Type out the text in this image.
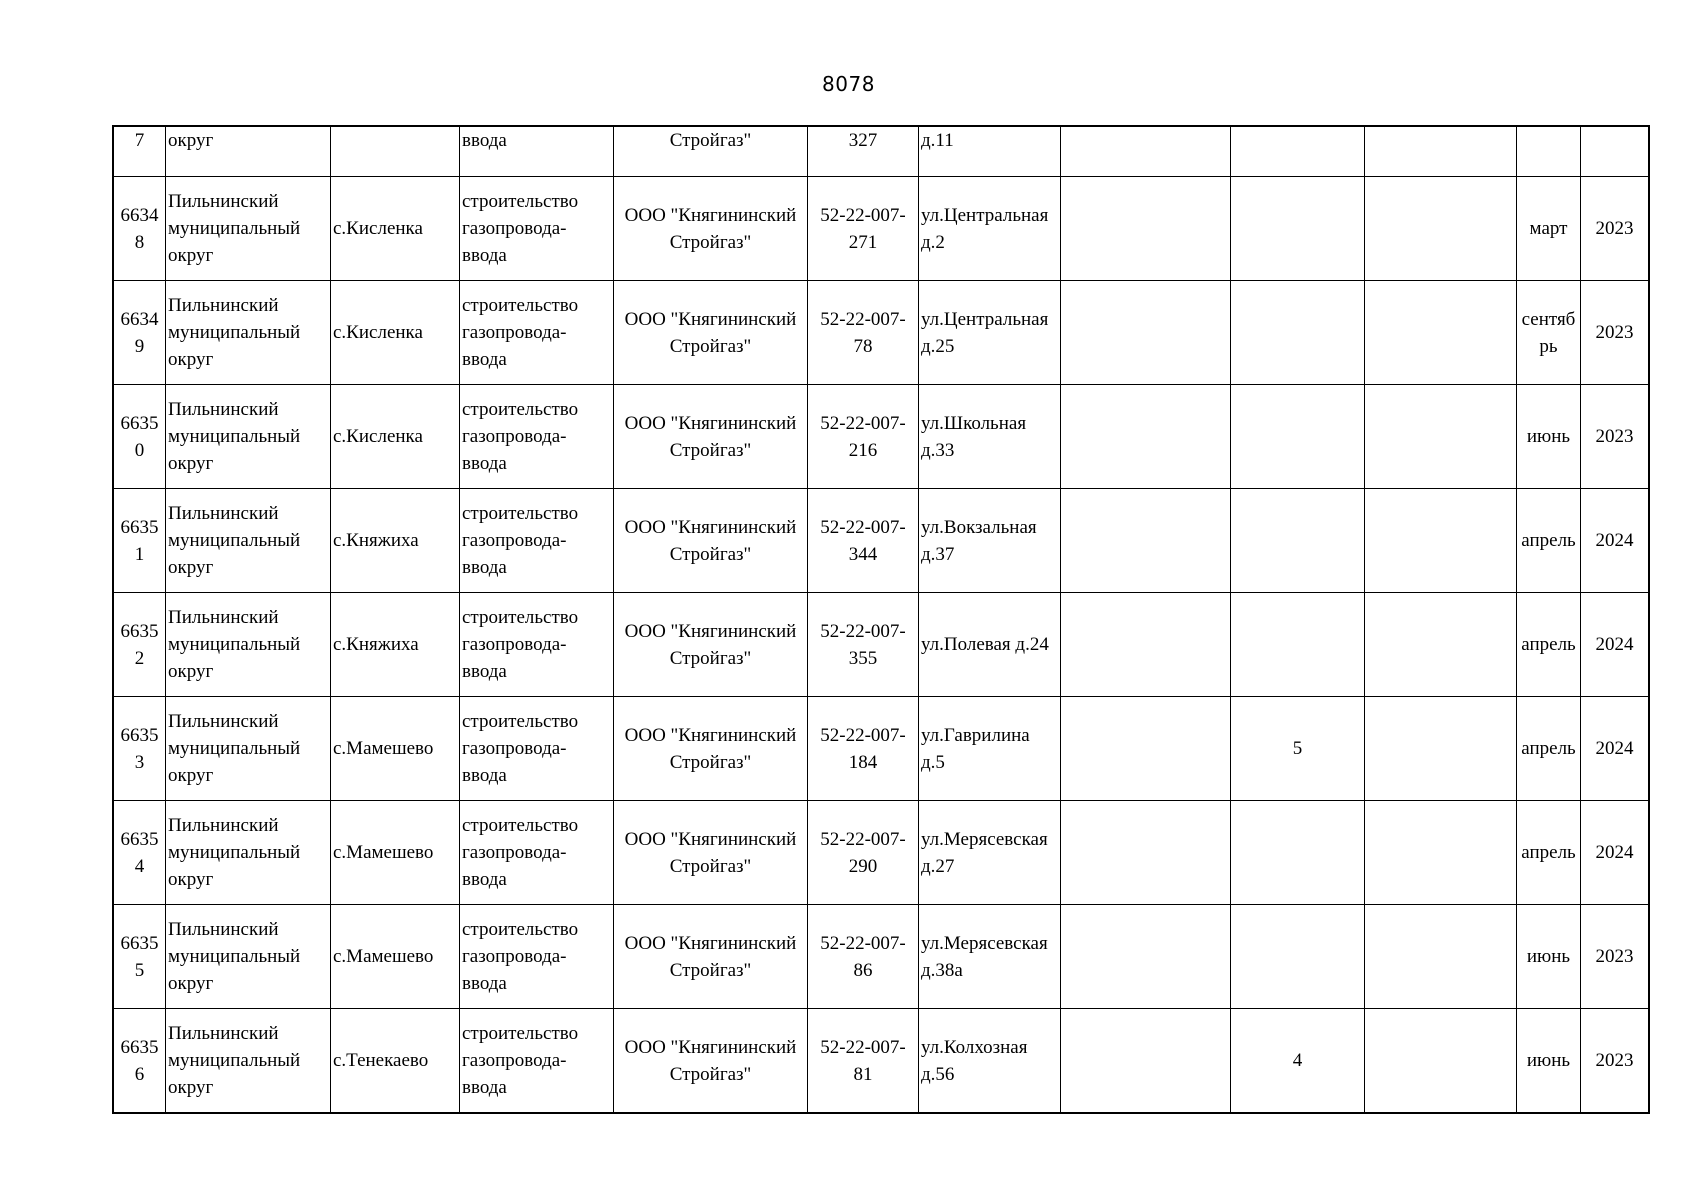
8078
7	округ		ввода	Стройгаз"	327	д.11					
6634
8	Пильнинский
муниципальный
округ	с.Кисленка	строительство
газопровода-
ввода	ООО "Княгининский
Стройгаз"	52-22-007-
271	ул.Центральная
д.2				март	2023
6634
9	Пильнинский
муниципальный
округ	с.Кисленка	строительство
газопровода-
ввода	ООО "Княгининский
Стройгаз"	52-22-007-
78	ул.Центральная
д.25				сентяб
рь	2023
6635
0	Пильнинский
муниципальный
округ	с.Кисленка	строительство
газопровода-
ввода	ООО "Княгининский
Стройгаз"	52-22-007-
216	ул.Школьная
д.33				июнь	2023
6635
1	Пильнинский
муниципальный
округ	с.Княжиха	строительство
газопровода-
ввода	ООО "Княгининский
Стройгаз"	52-22-007-
344	ул.Вокзальная
д.37				апрель	2024
6635
2	Пильнинский
муниципальный
округ	с.Княжиха	строительство
газопровода-
ввода	ООО "Княгининский
Стройгаз"	52-22-007-
355	ул.Полевая д.24				апрель	2024
6635
3	Пильнинский
муниципальный
округ	с.Мамешево	строительство
газопровода-
ввода	ООО "Княгининский
Стройгаз"	52-22-007-
184	ул.Гаврилина
д.5		5		апрель	2024
6635
4	Пильнинский
муниципальный
округ	с.Мамешево	строительство
газопровода-
ввода	ООО "Княгининский
Стройгаз"	52-22-007-
290	ул.Мерясевская
д.27				апрель	2024
6635
5	Пильнинский
муниципальный
округ	с.Мамешево	строительство
газопровода-
ввода	ООО "Княгининский
Стройгаз"	52-22-007-
86	ул.Мерясевская
д.38а				июнь	2023
6635
6	Пильнинский
муниципальный
округ	с.Тенекаево	строительство
газопровода-
ввода	ООО "Княгининский
Стройгаз"	52-22-007-
81	ул.Колхозная
д.56		4		июнь	2023
